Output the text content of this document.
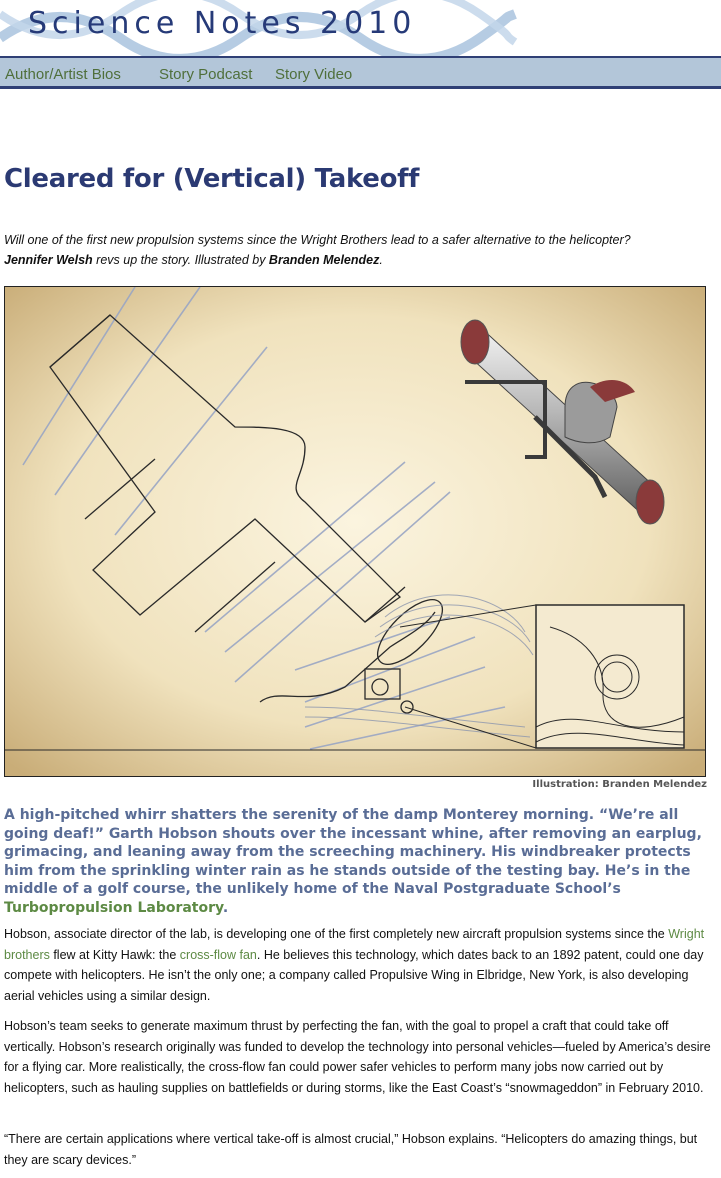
Science Notes 2010
Author/Artist Bios	Story Podcast Story Video
Cleared for (Vertical) Takeoff

Will one of the first new propulsion systems since the Wright Brothers lead to a safer alternative to the helicopter?
Jennifer Welsh revs up the story. Illustrated by Branden Melendez.

Illustration: Branden Melendez

A high-pitched whirr shatters the serenity of the damp Monterey morning. “We’re all going deaf!” Garth Hobson shouts over the incessant whine, after removing an earplug, grimacing, and leaning away from the screeching machinery. His windbreaker protects him from the sprinkling winter rain as he stands outside of the testing bay. He’s in the middle of a golf course, the unlikely home of the Naval Postgraduate School’s Turbopropulsion Laboratory.

Hobson, associate director of the lab, is developing one of the first completely new aircraft propulsion systems since the Wright brothers flew at Kitty Hawk: the cross-flow fan. He believes this technology, which dates back to an 1892 patent, could one day compete with helicopters. He isn’t the only one; a company called Propulsive Wing in Elbridge, New York, is also developing aerial vehicles using a similar design.

Hobson’s team seeks to generate maximum thrust by perfecting the fan, with the goal to propel a craft that could take off vertically. Hobson’s research originally was funded to develop the technology into personal vehicles—fueled by America’s desire for a flying car. More realistically, the cross-flow fan could power safer vehicles to perform many jobs now carried out by helicopters, such as hauling supplies on battlefields or during storms, like the East Coast’s “snowmageddon” in February 2010.

“There are certain applications where vertical take-off is almost crucial,” Hobson explains. “Helicopters do amazing things, but they are scary devices.”
